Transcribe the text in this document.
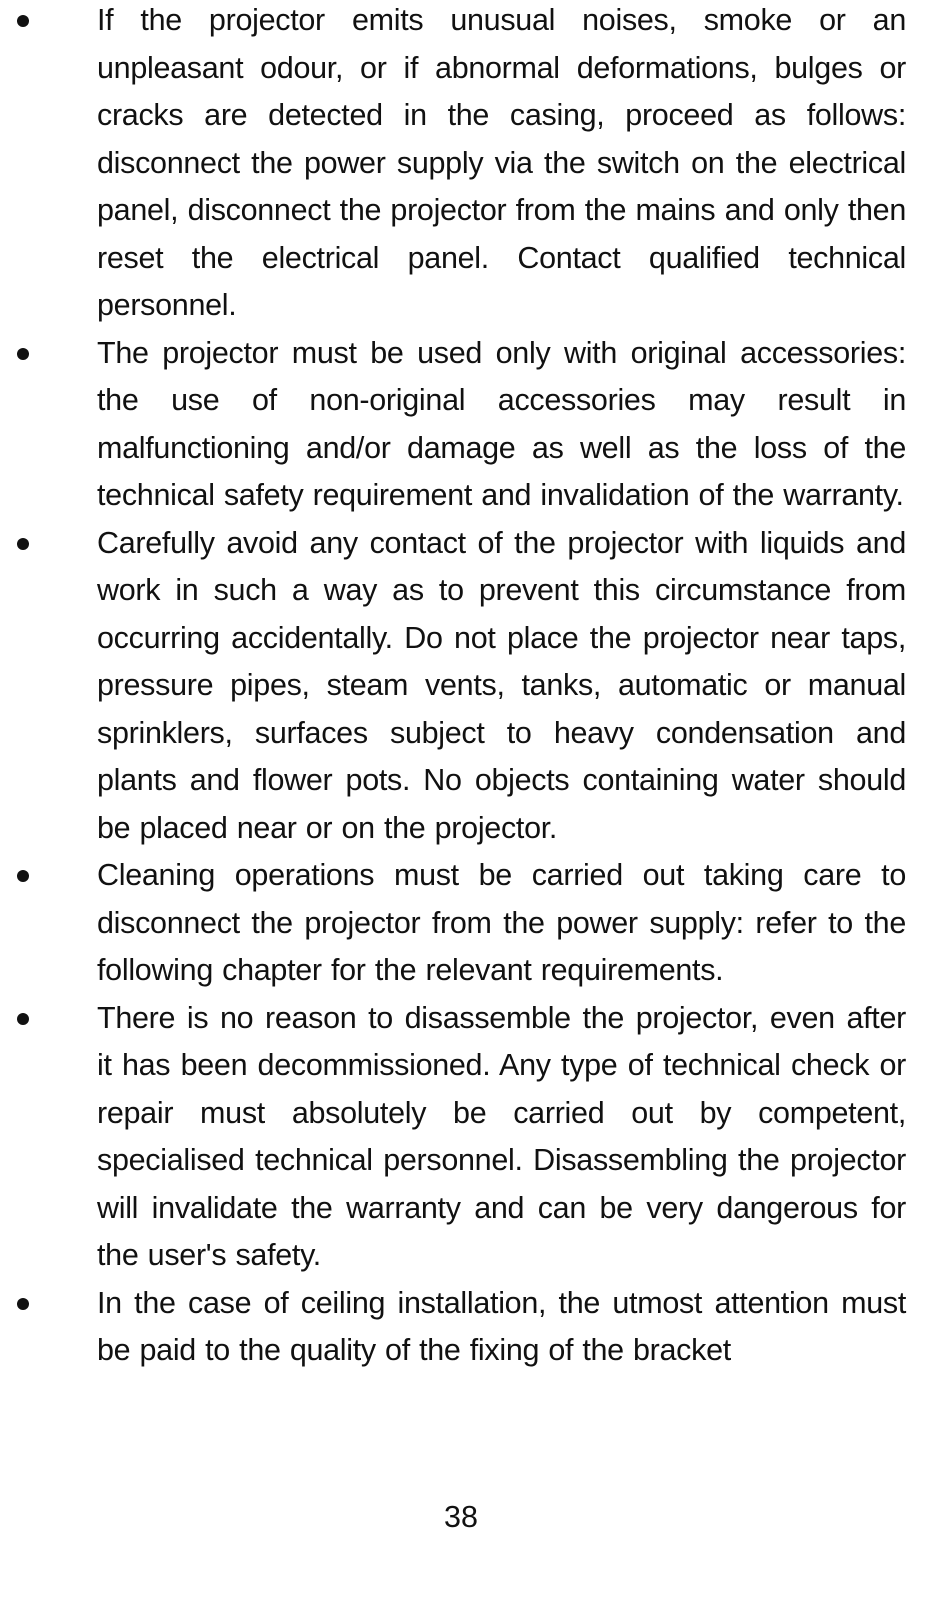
If the projector emits unusual noises, smoke or an unpleasant odour, or if abnormal deformations, bulges or cracks are detected in the casing, proceed as follows: disconnect the power supply via the switch on the electrical panel, disconnect the projector from the mains and only then reset the electrical panel. Contact qualified technical personnel.
The projector must be used only with original accessories: the use of non-original accessories may result in malfunctioning and/or damage as well as the loss of the technical safety requirement and invalidation of the warranty.
Carefully avoid any contact of the projector with liquids and work in such a way as to prevent this circumstance from occurring accidentally. Do not place the projector near taps, pressure pipes, steam vents, tanks, automatic or manual sprinklers, surfaces subject to heavy condensation and plants and flower pots. No objects containing water should be placed near or on the projector.
Cleaning operations must be carried out taking care to disconnect the projector from the power supply: refer to the following chapter for the relevant requirements.
There is no reason to disassemble the projector, even after it has been decommissioned. Any type of technical check or repair must absolutely be carried out by competent, specialised technical personnel. Disassembling the projector will invalidate the warranty and can be very dangerous for the user's safety.
In the case of ceiling installation, the utmost attention must be paid to the quality of the fixing of the bracket
38
